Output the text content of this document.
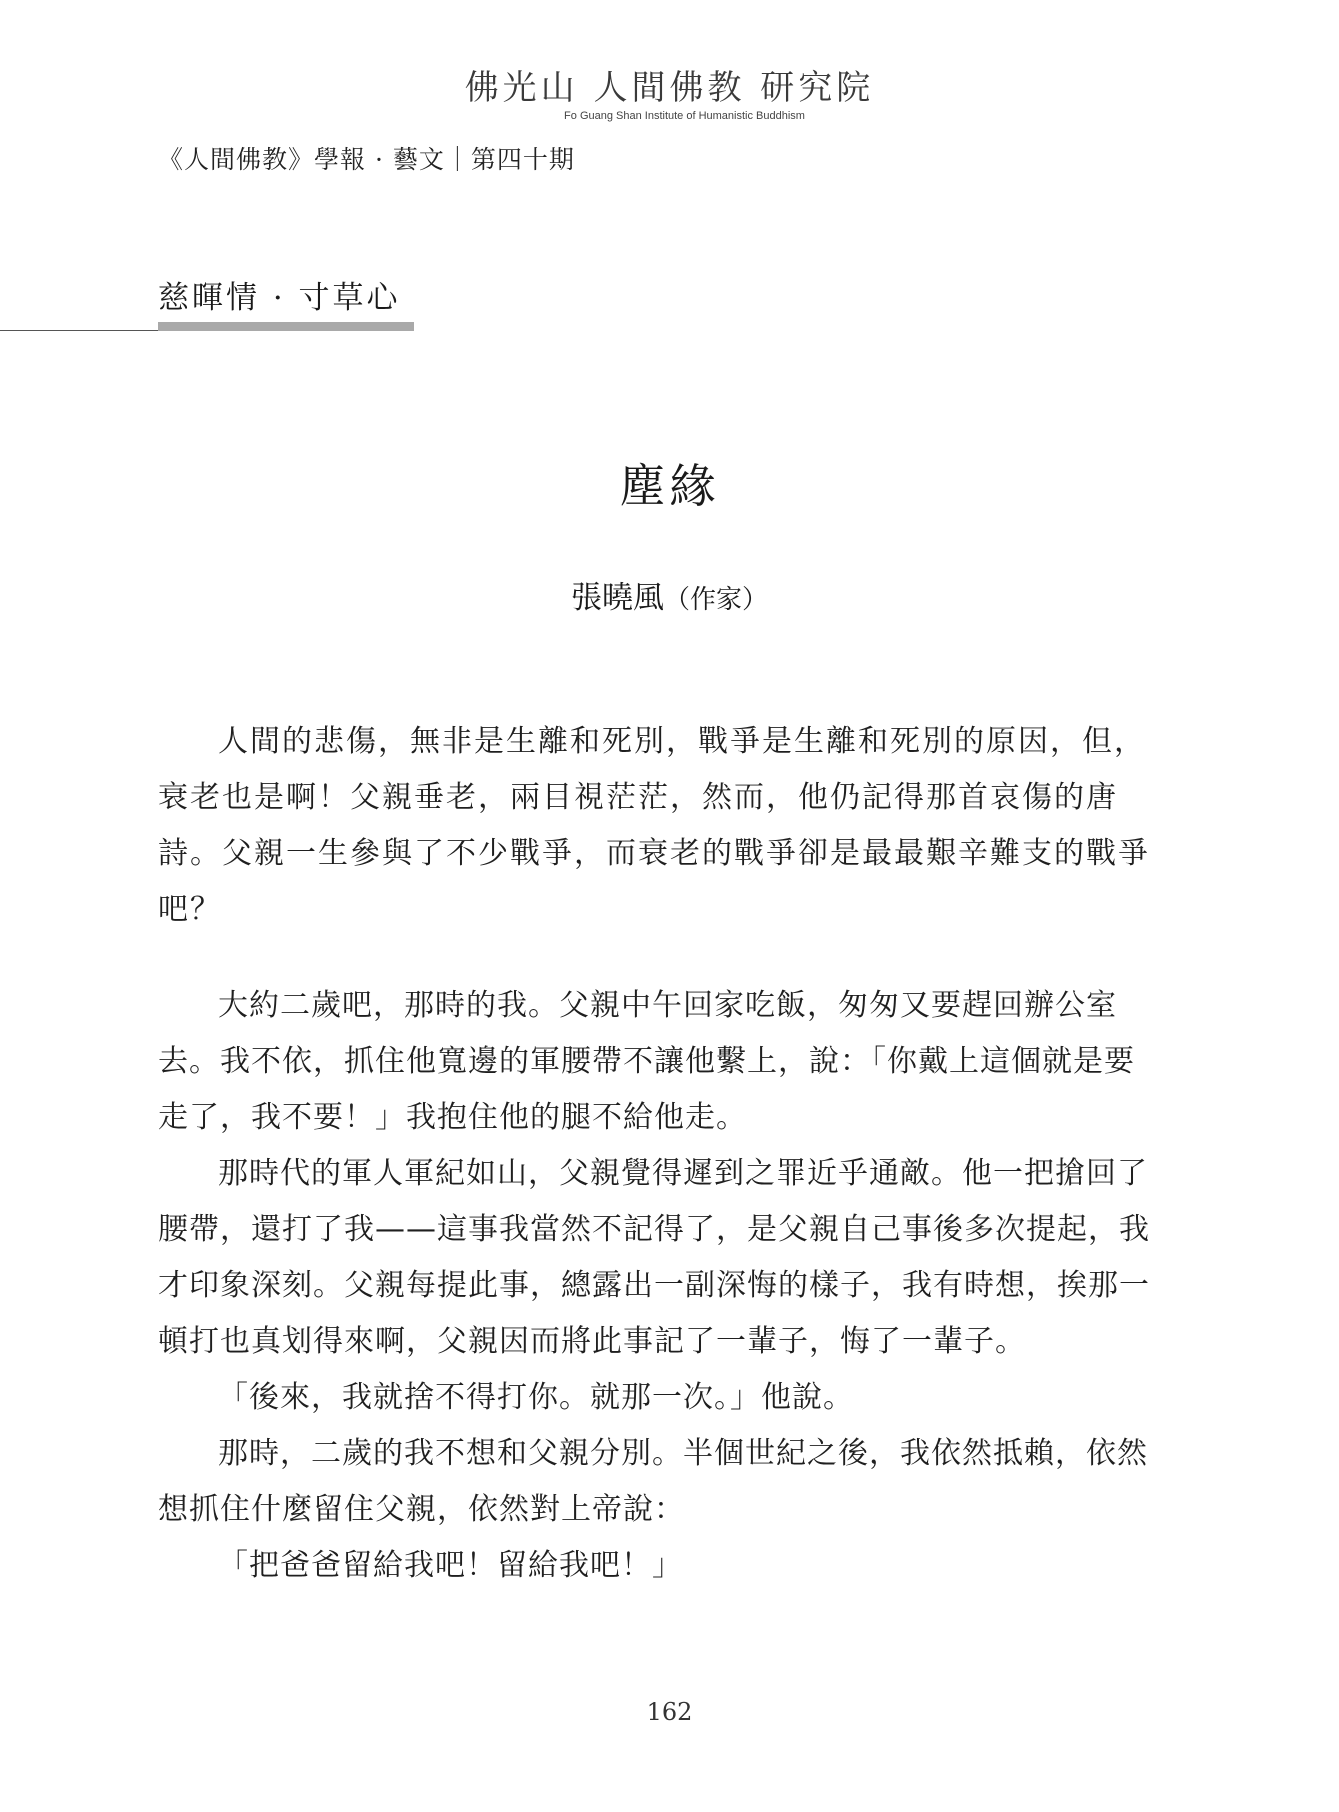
佛光山 人間佛教 研究院
Fo Guang Shan Institute of Humanistic Buddhism
《人間佛教》學報 · 藝文｜第四十期
慈暉情 · 寸草心
塵緣
張曉風（作家）

人間的悲傷，無非是生離和死別，戰爭是生離和死別的原因，但，衰老也是啊！父親垂老，兩目視茫茫，然而，他仍記得那首哀傷的唐詩。父親一生參與了不少戰爭，而衰老的戰爭卻是最最艱辛難支的戰爭吧？

大約二歲吧，那時的我。父親中午回家吃飯，匆匆又要趕回辦公室去。我不依，抓住他寬邊的軍腰帶不讓他繫上，說：「你戴上這個就是要走了，我不要！」我抱住他的腿不給他走。

那時代的軍人軍紀如山，父親覺得遲到之罪近乎通敵。他一把搶回了腰帶，還打了我——這事我當然不記得了，是父親自己事後多次提起，我才印象深刻。父親每提此事，總露出一副深悔的樣子，我有時想，挨那一頓打也真划得來啊，父親因而將此事記了一輩子，悔了一輩子。

「後來，我就捨不得打你。就那一次。」他說。

那時，二歲的我不想和父親分別。半個世紀之後，我依然抵賴，依然想抓住什麼留住父親，依然對上帝說：

「把爸爸留給我吧！留給我吧！」

162
